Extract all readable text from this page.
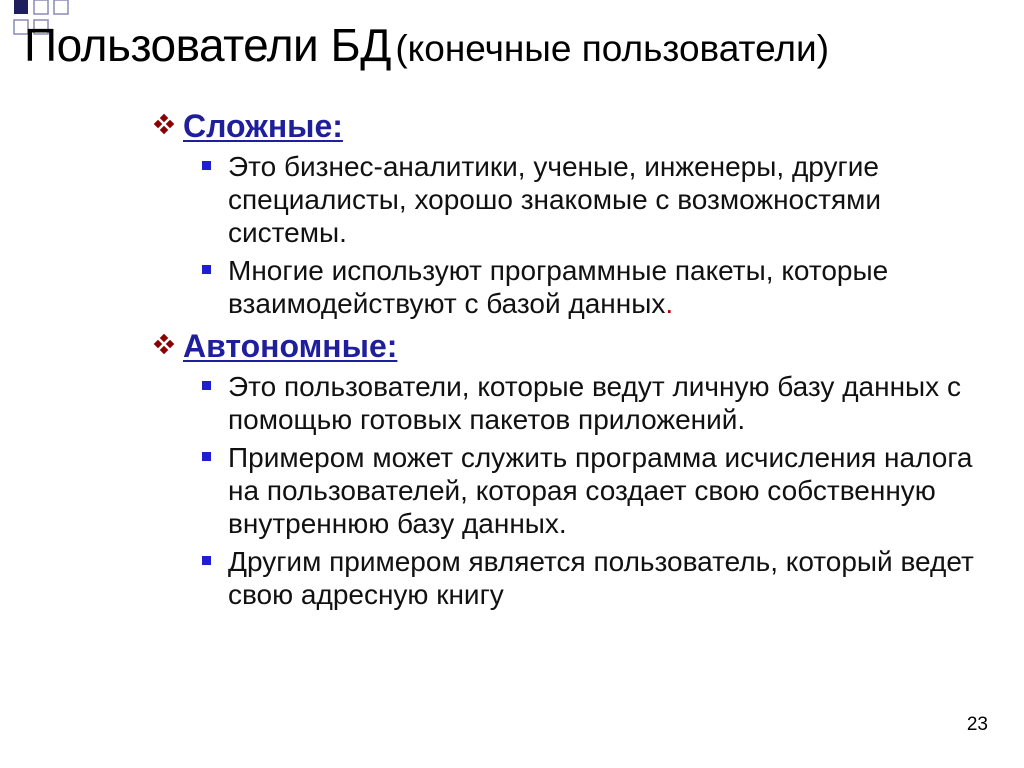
Пользователи БД (конечные пользователи)
Сложные:
Это бизнес-аналитики, ученые, инженеры, другие специалисты, хорошо знакомые с возможностями системы.
Многие используют программные пакеты, которые взаимодействуют с базой данных.
Автономные:
Это пользователи, которые ведут личную базу данных с помощью готовых пакетов приложений.
Примером может служить программа исчисления налога на пользователей, которая создает свою собственную внутреннюю базу данных.
Другим примером является пользователь, который ведет свою адресную книгу
23
